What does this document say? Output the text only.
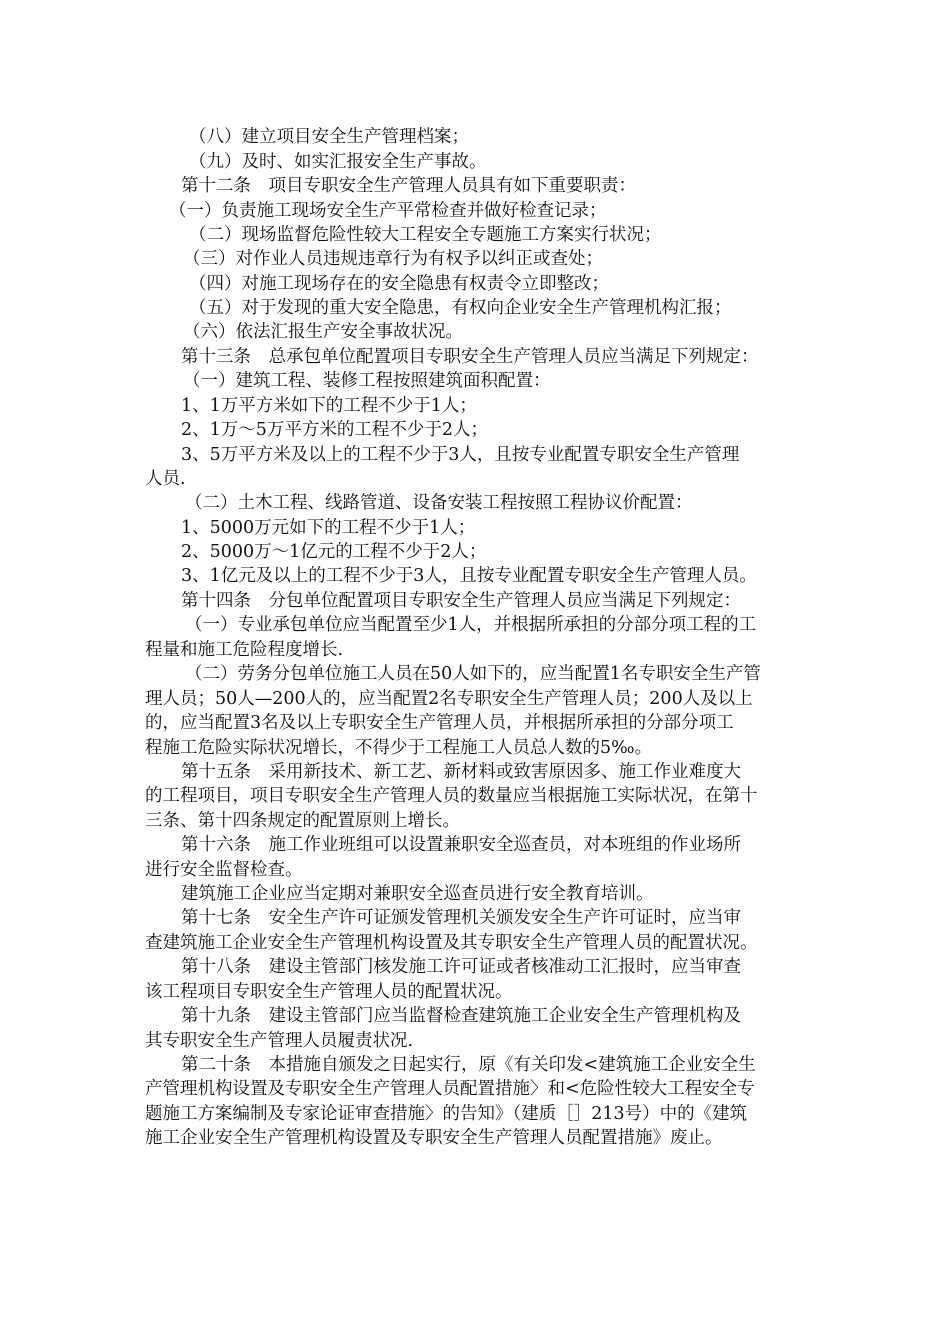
（八）建立项目安全生产管理档案；
（九）及时、如实汇报安全生产事故。
第十二条　项目专职安全生产管理人员具有如下重要职责：
（一）负责施工现场安全生产平常检查并做好检查记录；
（二）现场监督危险性较大工程安全专题施工方案实行状况；
（三）对作业人员违规违章行为有权予以纠正或查处；
（四）对施工现场存在的安全隐患有权责令立即整改；
（五）对于发现的重大安全隐患，有权向企业安全生产管理机构汇报；
（六）依法汇报生产安全事故状况。
第十三条　总承包单位配置项目专职安全生产管理人员应当满足下列规定：
（一）建筑工程、装修工程按照建筑面积配置：
1、1万平方米如下的工程不少于1人；
2、1万～5万平方米的工程不少于2人；
3、5万平方米及以上的工程不少于3人，且按专业配置专职安全生产管理
人员.
（二）土木工程、线路管道、设备安装工程按照工程协议价配置：
1、5000万元如下的工程不少于1人；
2、5000万～1亿元的工程不少于2人；
3、1亿元及以上的工程不少于3人，且按专业配置专职安全生产管理人员。
第十四条　分包单位配置项目专职安全生产管理人员应当满足下列规定：
（一）专业承包单位应当配置至少1人，并根据所承担的分部分项工程的工
程量和施工危险程度增长.
（二）劳务分包单位施工人员在50人如下的，应当配置1名专职安全生产管
理人员；50人—200人的，应当配置2名专职安全生产管理人员；200人及以上
的，应当配置3名及以上专职安全生产管理人员，并根据所承担的分部分项工
程施工危险实际状况增长，不得少于工程施工人员总人数的5‰。
第十五条　采用新技术、新工艺、新材料或致害原因多、施工作业难度大
的工程项目，项目专职安全生产管理人员的数量应当根据施工实际状况，在第十
三条、第十四条规定的配置原则上增长。
第十六条　施工作业班组可以设置兼职安全巡查员，对本班组的作业场所
进行安全监督检查。
建筑施工企业应当定期对兼职安全巡查员进行安全教育培训。
第十七条　安全生产许可证颁发管理机关颁发安全生产许可证时，应当审
查建筑施工企业安全生产管理机构设置及其专职安全生产管理人员的配置状况。
第十八条　建设主管部门核发施工许可证或者核准动工汇报时，应当审查
该工程项目专职安全生产管理人员的配置状况。
第十九条　建设主管部门应当监督检查建筑施工企业安全生产管理机构及
其专职安全生产管理人员履责状况.
第二十条　本措施自颁发之日起实行，原《有关印发<建筑施工企业安全生
产管理机构设置及专职安全生产管理人员配置措施〉和<危险性较大工程安全专
题施工方案编制及专家论证审查措施〉的告知》（建质［］213号）中的《建筑
施工企业安全生产管理机构设置及专职安全生产管理人员配置措施》废止。
